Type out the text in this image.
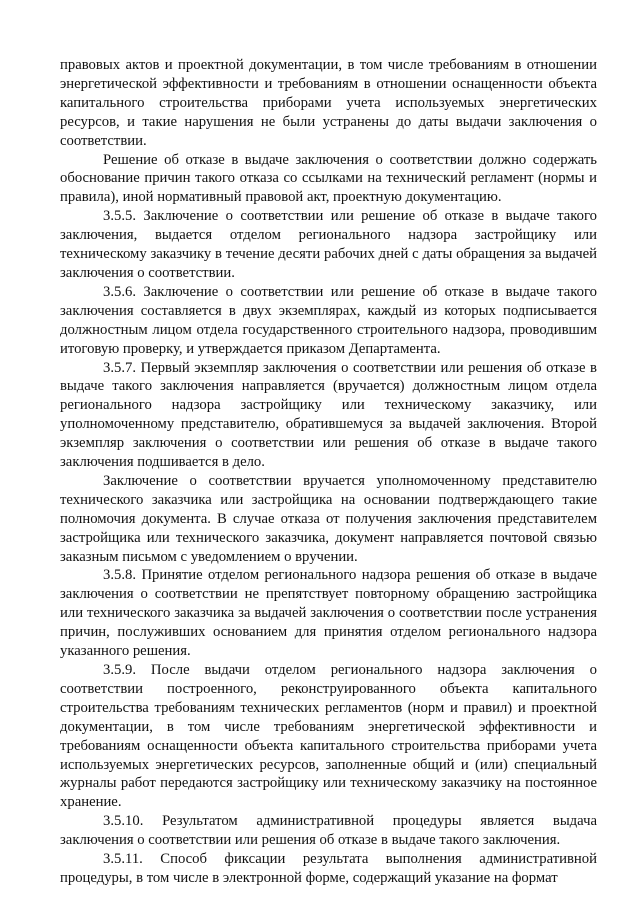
правовых актов и проектной документации, в том числе требованиям в отношении энергетической эффективности и требованиям в отношении оснащенности объекта капитального строительства приборами учета используемых энергетических ресурсов, и такие нарушения не были устранены до даты выдачи заключения о соответствии.

Решение об отказе в выдаче заключения о соответствии должно содержать обоснование причин такого отказа со ссылками на технический регламент (нормы и правила), иной нормативный правовой акт, проектную документацию.

3.5.5. Заключение о соответствии или решение об отказе в выдаче такого заключения, выдается отделом регионального надзора застройщику или техническому заказчику в течение десяти рабочих дней с даты обращения за выдачей заключения о соответствии.

3.5.6. Заключение о соответствии или решение об отказе в выдаче такого заключения составляется в двух экземплярах, каждый из которых подписывается должностным лицом отдела государственного строительного надзора, проводившим итоговую проверку, и утверждается приказом Департамента.

3.5.7. Первый экземпляр заключения о соответствии или решения об отказе в выдаче такого заключения направляется (вручается) должностным лицом отдела регионального надзора застройщику или техническому заказчику, или уполномоченному представителю, обратившемуся за выдачей заключения. Второй экземпляр заключения о соответствии или решения об отказе в выдаче такого заключения подшивается в дело.

Заключение о соответствии вручается уполномоченному представителю технического заказчика или застройщика на основании подтверждающего такие полномочия документа. В случае отказа от получения заключения представителем застройщика или технического заказчика, документ направляется почтовой связью заказным письмом с уведомлением о вручении.

3.5.8. Принятие отделом регионального надзора решения об отказе в выдаче заключения о соответствии не препятствует повторному обращению застройщика или технического заказчика за выдачей заключения о соответствии после устранения причин, послуживших основанием для принятия отделом регионального надзора указанного решения.

3.5.9. После выдачи отделом регионального надзора заключения о соответствии построенного, реконструированного объекта капитального строительства требованиям технических регламентов (норм и правил) и проектной документации, в том числе требованиям энергетической эффективности и требованиям оснащенности объекта капитального строительства приборами учета используемых энергетических ресурсов, заполненные общий и (или) специальный журналы работ передаются застройщику или техническому заказчику на постоянное хранение.

3.5.10. Результатом административной процедуры является выдача заключения о соответствии или решения об отказе в выдаче такого заключения.

3.5.11. Способ фиксации результата выполнения административной процедуры, в том числе в электронной форме, содержащий указание на формат
